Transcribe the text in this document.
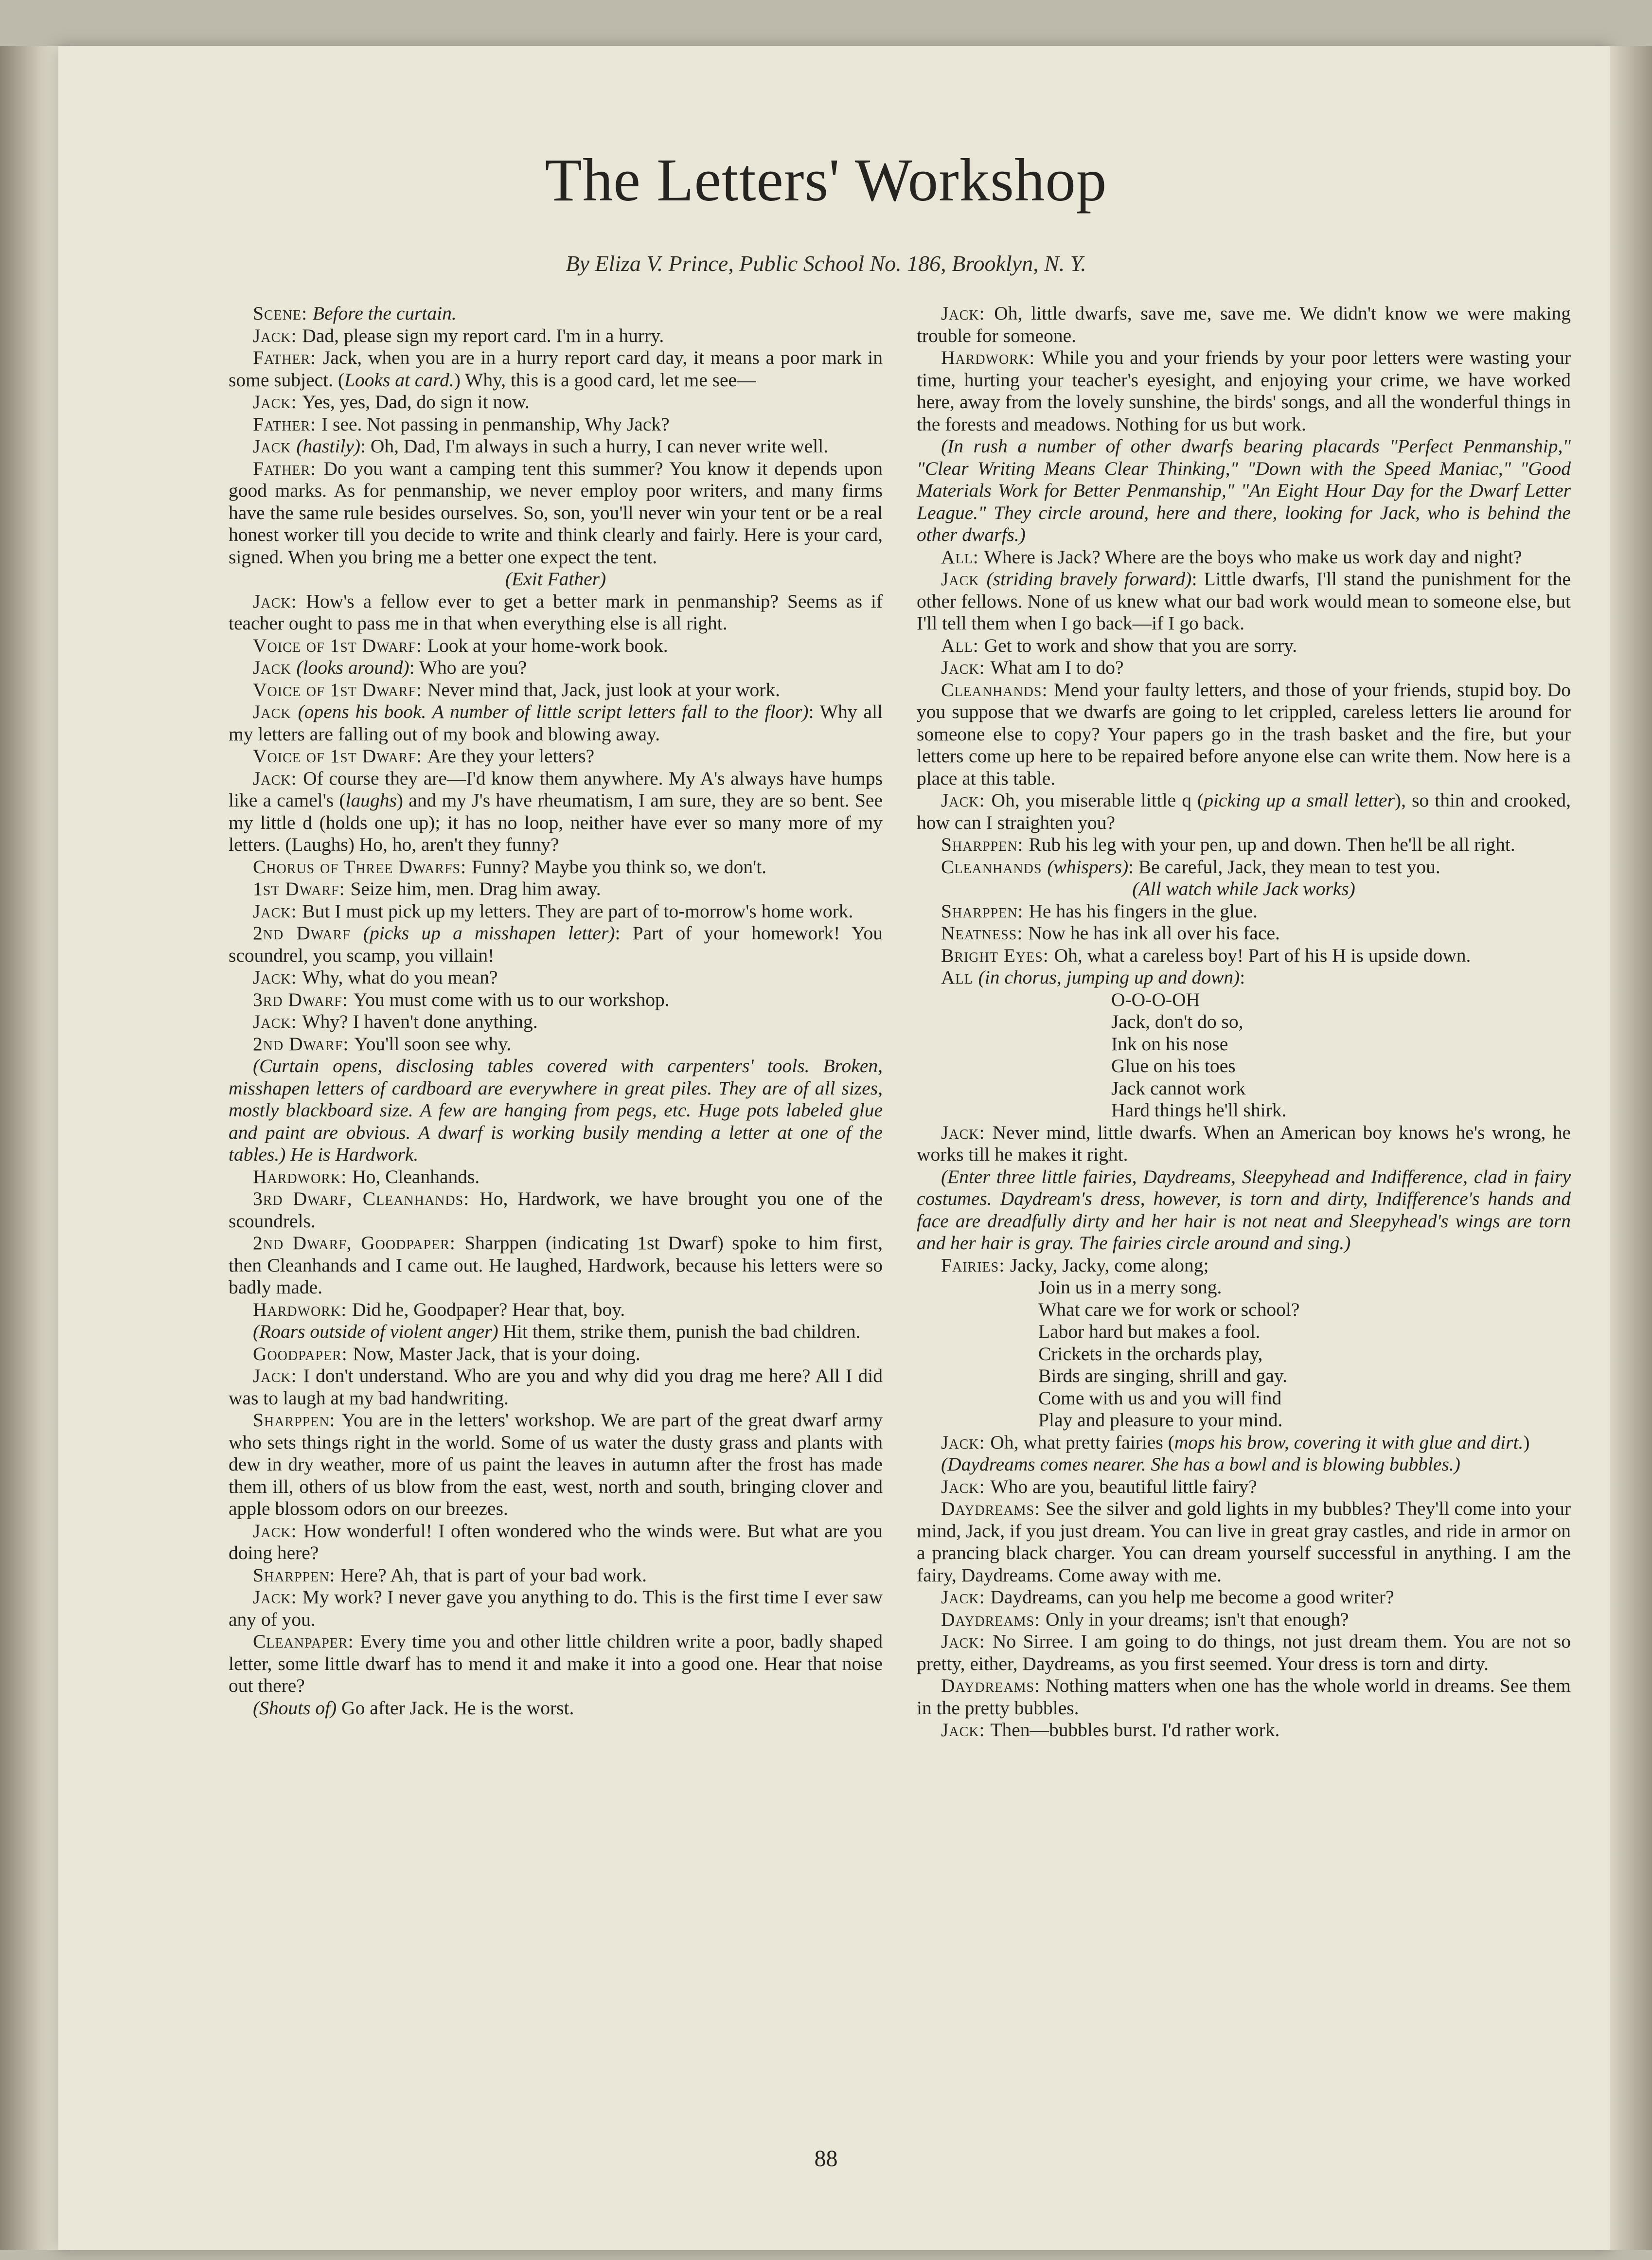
The Letters' Workshop
By Eliza V. Prince, Public School No. 186, Brooklyn, N. Y.

Scene: Before the curtain.

Jack: Dad, please sign my report card. I'm in a hurry.

Father: Jack, when you are in a hurry report card day, it means a poor mark in some subject. (Looks at card.) Why, this is a good card, let me see—

Jack: Yes, yes, Dad, do sign it now.

Father: I see. Not passing in penmanship, Why Jack?

Jack (hastily): Oh, Dad, I'm always in such a hurry, I can never write well.

Father: Do you want a camping tent this summer? You know it depends upon good marks. As for penmanship, we never employ poor writers, and many firms have the same rule besides ourselves. So, son, you'll never win your tent or be a real honest worker till you decide to write and think clearly and fairly. Here is your card, signed. When you bring me a better one expect the tent.

(Exit Father)

Jack: How's a fellow ever to get a better mark in penmanship? Seems as if teacher ought to pass me in that when everything else is all right.

Voice of 1st Dwarf: Look at your home-work book.

Jack (looks around): Who are you?

Voice of 1st Dwarf: Never mind that, Jack, just look at your work.

Jack (opens his book. A number of little script letters fall to the floor): Why all my letters are falling out of my book and blowing away.

Voice of 1st Dwarf: Are they your letters?

Jack: Of course they are—I'd know them anywhere. My A's always have humps like a camel's (laughs) and my J's have rheumatism, I am sure, they are so bent. See my little d (holds one up); it has no loop, neither have ever so many more of my letters. (Laughs) Ho, ho, aren't they funny?

Chorus of Three Dwarfs: Funny? Maybe you think so, we don't.

1st Dwarf: Seize him, men. Drag him away.

Jack: But I must pick up my letters. They are part of to-morrow's home work.

2nd Dwarf (picks up a misshapen letter): Part of your homework! You scoundrel, you scamp, you villain!

Jack: Why, what do you mean?

3rd Dwarf: You must come with us to our workshop.

Jack: Why? I haven't done anything.

2nd Dwarf: You'll soon see why.

(Curtain opens, disclosing tables covered with carpenters' tools. Broken, misshapen letters of cardboard are everywhere in great piles. They are of all sizes, mostly blackboard size. A few are hanging from pegs, etc. Huge pots labeled glue and paint are obvious. A dwarf is working busily mending a letter at one of the tables.) He is Hardwork.

Hardwork: Ho, Cleanhands.

3rd Dwarf, Cleanhands: Ho, Hardwork, we have brought you one of the scoundrels.

2nd Dwarf, Goodpaper: Sharppen (indicating 1st Dwarf) spoke to him first, then Cleanhands and I came out. He laughed, Hardwork, because his letters were so badly made.

Hardwork: Did he, Goodpaper? Hear that, boy.

(Roars outside of violent anger) Hit them, strike them, punish the bad children.

Goodpaper: Now, Master Jack, that is your doing.

Jack: I don't understand. Who are you and why did you drag me here? All I did was to laugh at my bad handwriting.

Sharppen: You are in the letters' workshop. We are part of the great dwarf army who sets things right in the world. Some of us water the dusty grass and plants with dew in dry weather, more of us paint the leaves in autumn after the frost has made them ill, others of us blow from the east, west, north and south, bringing clover and apple blossom odors on our breezes.

Jack: How wonderful! I often wondered who the winds were. But what are you doing here?

Sharppen: Here? Ah, that is part of your bad work.

Jack: My work? I never gave you anything to do. This is the first time I ever saw any of you.

Cleanpaper: Every time you and other little children write a poor, badly shaped letter, some little dwarf has to mend it and make it into a good one. Hear that noise out there?

(Shouts of) Go after Jack. He is the worst.

Jack: Oh, little dwarfs, save me, save me. We didn't know we were making trouble for someone.

Hardwork: While you and your friends by your poor letters were wasting your time, hurting your teacher's eyesight, and enjoying your crime, we have worked here, away from the lovely sunshine, the birds' songs, and all the wonderful things in the forests and meadows. Nothing for us but work.

(In rush a number of other dwarfs bearing placards "Perfect Penmanship," "Clear Writing Means Clear Thinking," "Down with the Speed Maniac," "Good Materials Work for Better Penmanship," "An Eight Hour Day for the Dwarf Letter League." They circle around, here and there, looking for Jack, who is behind the other dwarfs.)

All: Where is Jack? Where are the boys who make us work day and night?

Jack (striding bravely forward): Little dwarfs, I'll stand the punishment for the other fellows. None of us knew what our bad work would mean to someone else, but I'll tell them when I go back—if I go back.

All: Get to work and show that you are sorry.

Jack: What am I to do?

Cleanhands: Mend your faulty letters, and those of your friends, stupid boy. Do you suppose that we dwarfs are going to let crippled, careless letters lie around for someone else to copy? Your papers go in the trash basket and the fire, but your letters come up here to be repaired before anyone else can write them. Now here is a place at this table.

Jack: Oh, you miserable little q (picking up a small letter), so thin and crooked, how can I straighten you?

Sharppen: Rub his leg with your pen, up and down. Then he'll be all right.

Cleanhands (whispers): Be careful, Jack, they mean to test you.

(All watch while Jack works)

Sharppen: He has his fingers in the glue.

Neatness: Now he has ink all over his face.

Bright Eyes: Oh, what a careless boy! Part of his H is upside down.

All (in chorus, jumping up and down):

O-O-O-OH

Jack, don't do so,

Ink on his nose

Glue on his toes

Jack cannot work

Hard things he'll shirk.

Jack: Never mind, little dwarfs. When an American boy knows he's wrong, he works till he makes it right.

(Enter three little fairies, Daydreams, Sleepyhead and Indifference, clad in fairy costumes. Daydream's dress, however, is torn and dirty, Indifference's hands and face are dreadfully dirty and her hair is not neat and Sleepyhead's wings are torn and her hair is gray. The fairies circle around and sing.)

Fairies: Jacky, Jacky, come along;

Join us in a merry song.

What care we for work or school?

Labor hard but makes a fool.

Crickets in the orchards play,

Birds are singing, shrill and gay.

Come with us and you will find

Play and pleasure to your mind.

Jack: Oh, what pretty fairies (mops his brow, covering it with glue and dirt.)

(Daydreams comes nearer. She has a bowl and is blowing bubbles.)

Jack: Who are you, beautiful little fairy?

Daydreams: See the silver and gold lights in my bubbles? They'll come into your mind, Jack, if you just dream. You can live in great gray castles, and ride in armor on a prancing black charger. You can dream yourself successful in anything. I am the fairy, Daydreams. Come away with me.

Jack: Daydreams, can you help me become a good writer?

Daydreams: Only in your dreams; isn't that enough?

Jack: No Sirree. I am going to do things, not just dream them. You are not so pretty, either, Daydreams, as you first seemed. Your dress is torn and dirty.

Daydreams: Nothing matters when one has the whole world in dreams. See them in the pretty bubbles.

Jack: Then—bubbles burst. I'd rather work.

88
